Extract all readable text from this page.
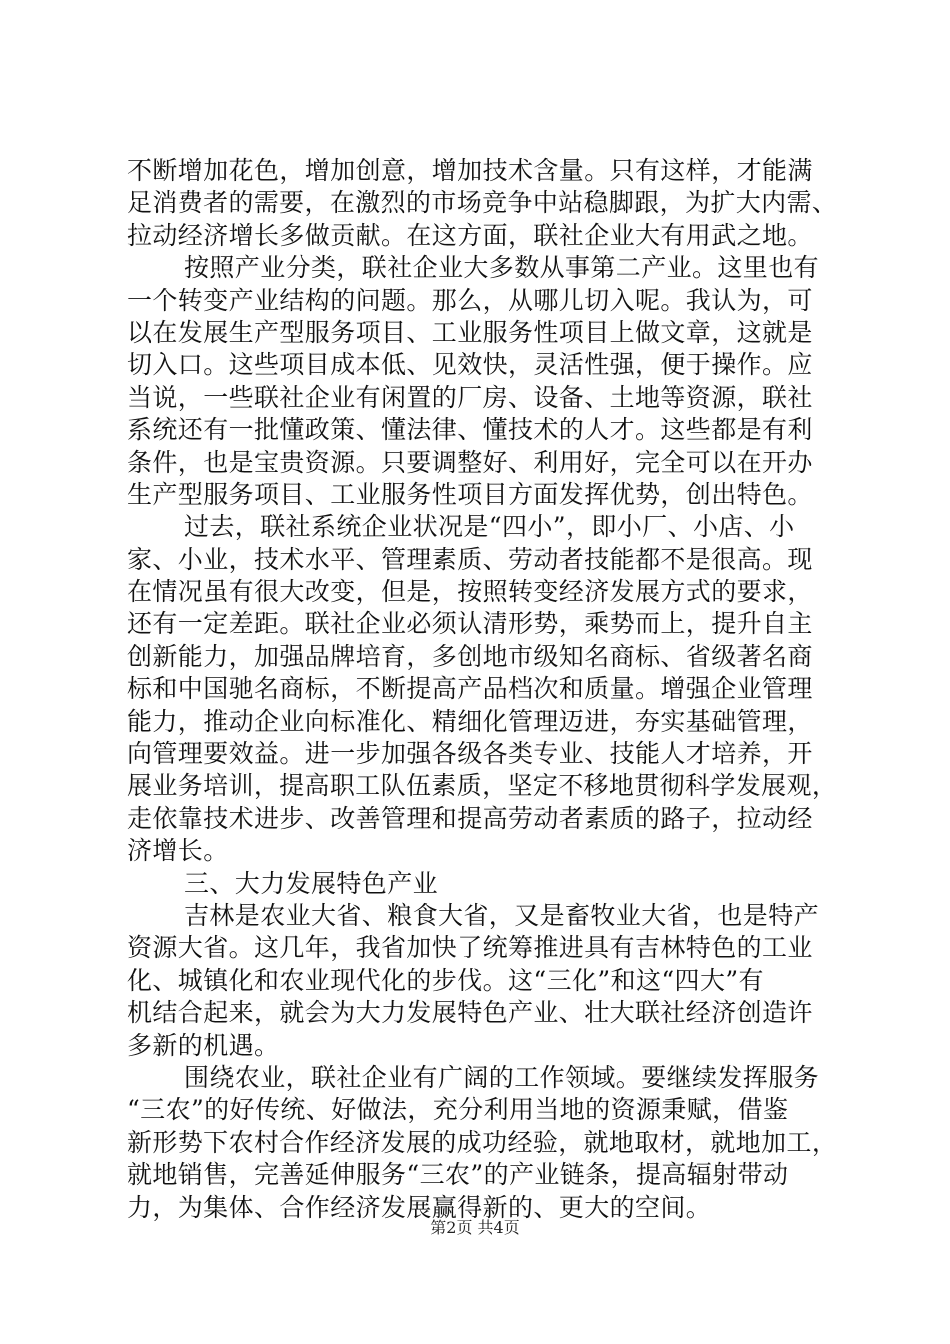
不断增加花色，增加创意，增加技术含量。只有这样，才能满
足消费者的需要，在激烈的市场竞争中站稳脚跟，为扩大内需、
拉动经济增长多做贡献。在这方面，联社企业大有用武之地。
按照产业分类，联社企业大多数从事第二产业。这里也有
一个转变产业结构的问题。那么，从哪儿切入呢。我认为，可
以在发展生产型服务项目、工业服务性项目上做文章，这就是
切入口。这些项目成本低、见效快，灵活性强，便于操作。应
当说，一些联社企业有闲置的厂房、设备、土地等资源，联社
系统还有一批懂政策、懂法律、懂技术的人才。这些都是有利
条件，也是宝贵资源。只要调整好、利用好，完全可以在开办
生产型服务项目、工业服务性项目方面发挥优势，创出特色。
过去，联社系统企业状况是“四小”，即小厂、小店、小
家、小业，技术水平、管理素质、劳动者技能都不是很高。现
在情况虽有很大改变，但是，按照转变经济发展方式的要求，
还有一定差距。联社企业必须认清形势，乘势而上，提升自主
创新能力，加强品牌培育，多创地市级知名商标、省级著名商
标和中国驰名商标，不断提高产品档次和质量。增强企业管理
能力，推动企业向标准化、精细化管理迈进，夯实基础管理，
向管理要效益。进一步加强各级各类专业、技能人才培养，开
展业务培训，提高职工队伍素质，坚定不移地贯彻科学发展观，
走依靠技术进步、改善管理和提高劳动者素质的路子，拉动经
济增长。
三、大力发展特色产业
吉林是农业大省、粮食大省，又是畜牧业大省，也是特产
资源大省。这几年，我省加快了统筹推进具有吉林特色的工业
化、城镇化和农业现代化的步伐。这“三化”和这“四大”有
机结合起来，就会为大力发展特色产业、壮大联社经济创造许
多新的机遇。
围绕农业，联社企业有广阔的工作领域。要继续发挥服务
“三农”的好传统、好做法，充分利用当地的资源秉赋，借鉴
新形势下农村合作经济发展的成功经验，就地取材，就地加工，
就地销售，完善延伸服务“三农”的产业链条，提高辐射带动
力，为集体、合作经济发展赢得新的、更大的空间。
第2页 共4页
